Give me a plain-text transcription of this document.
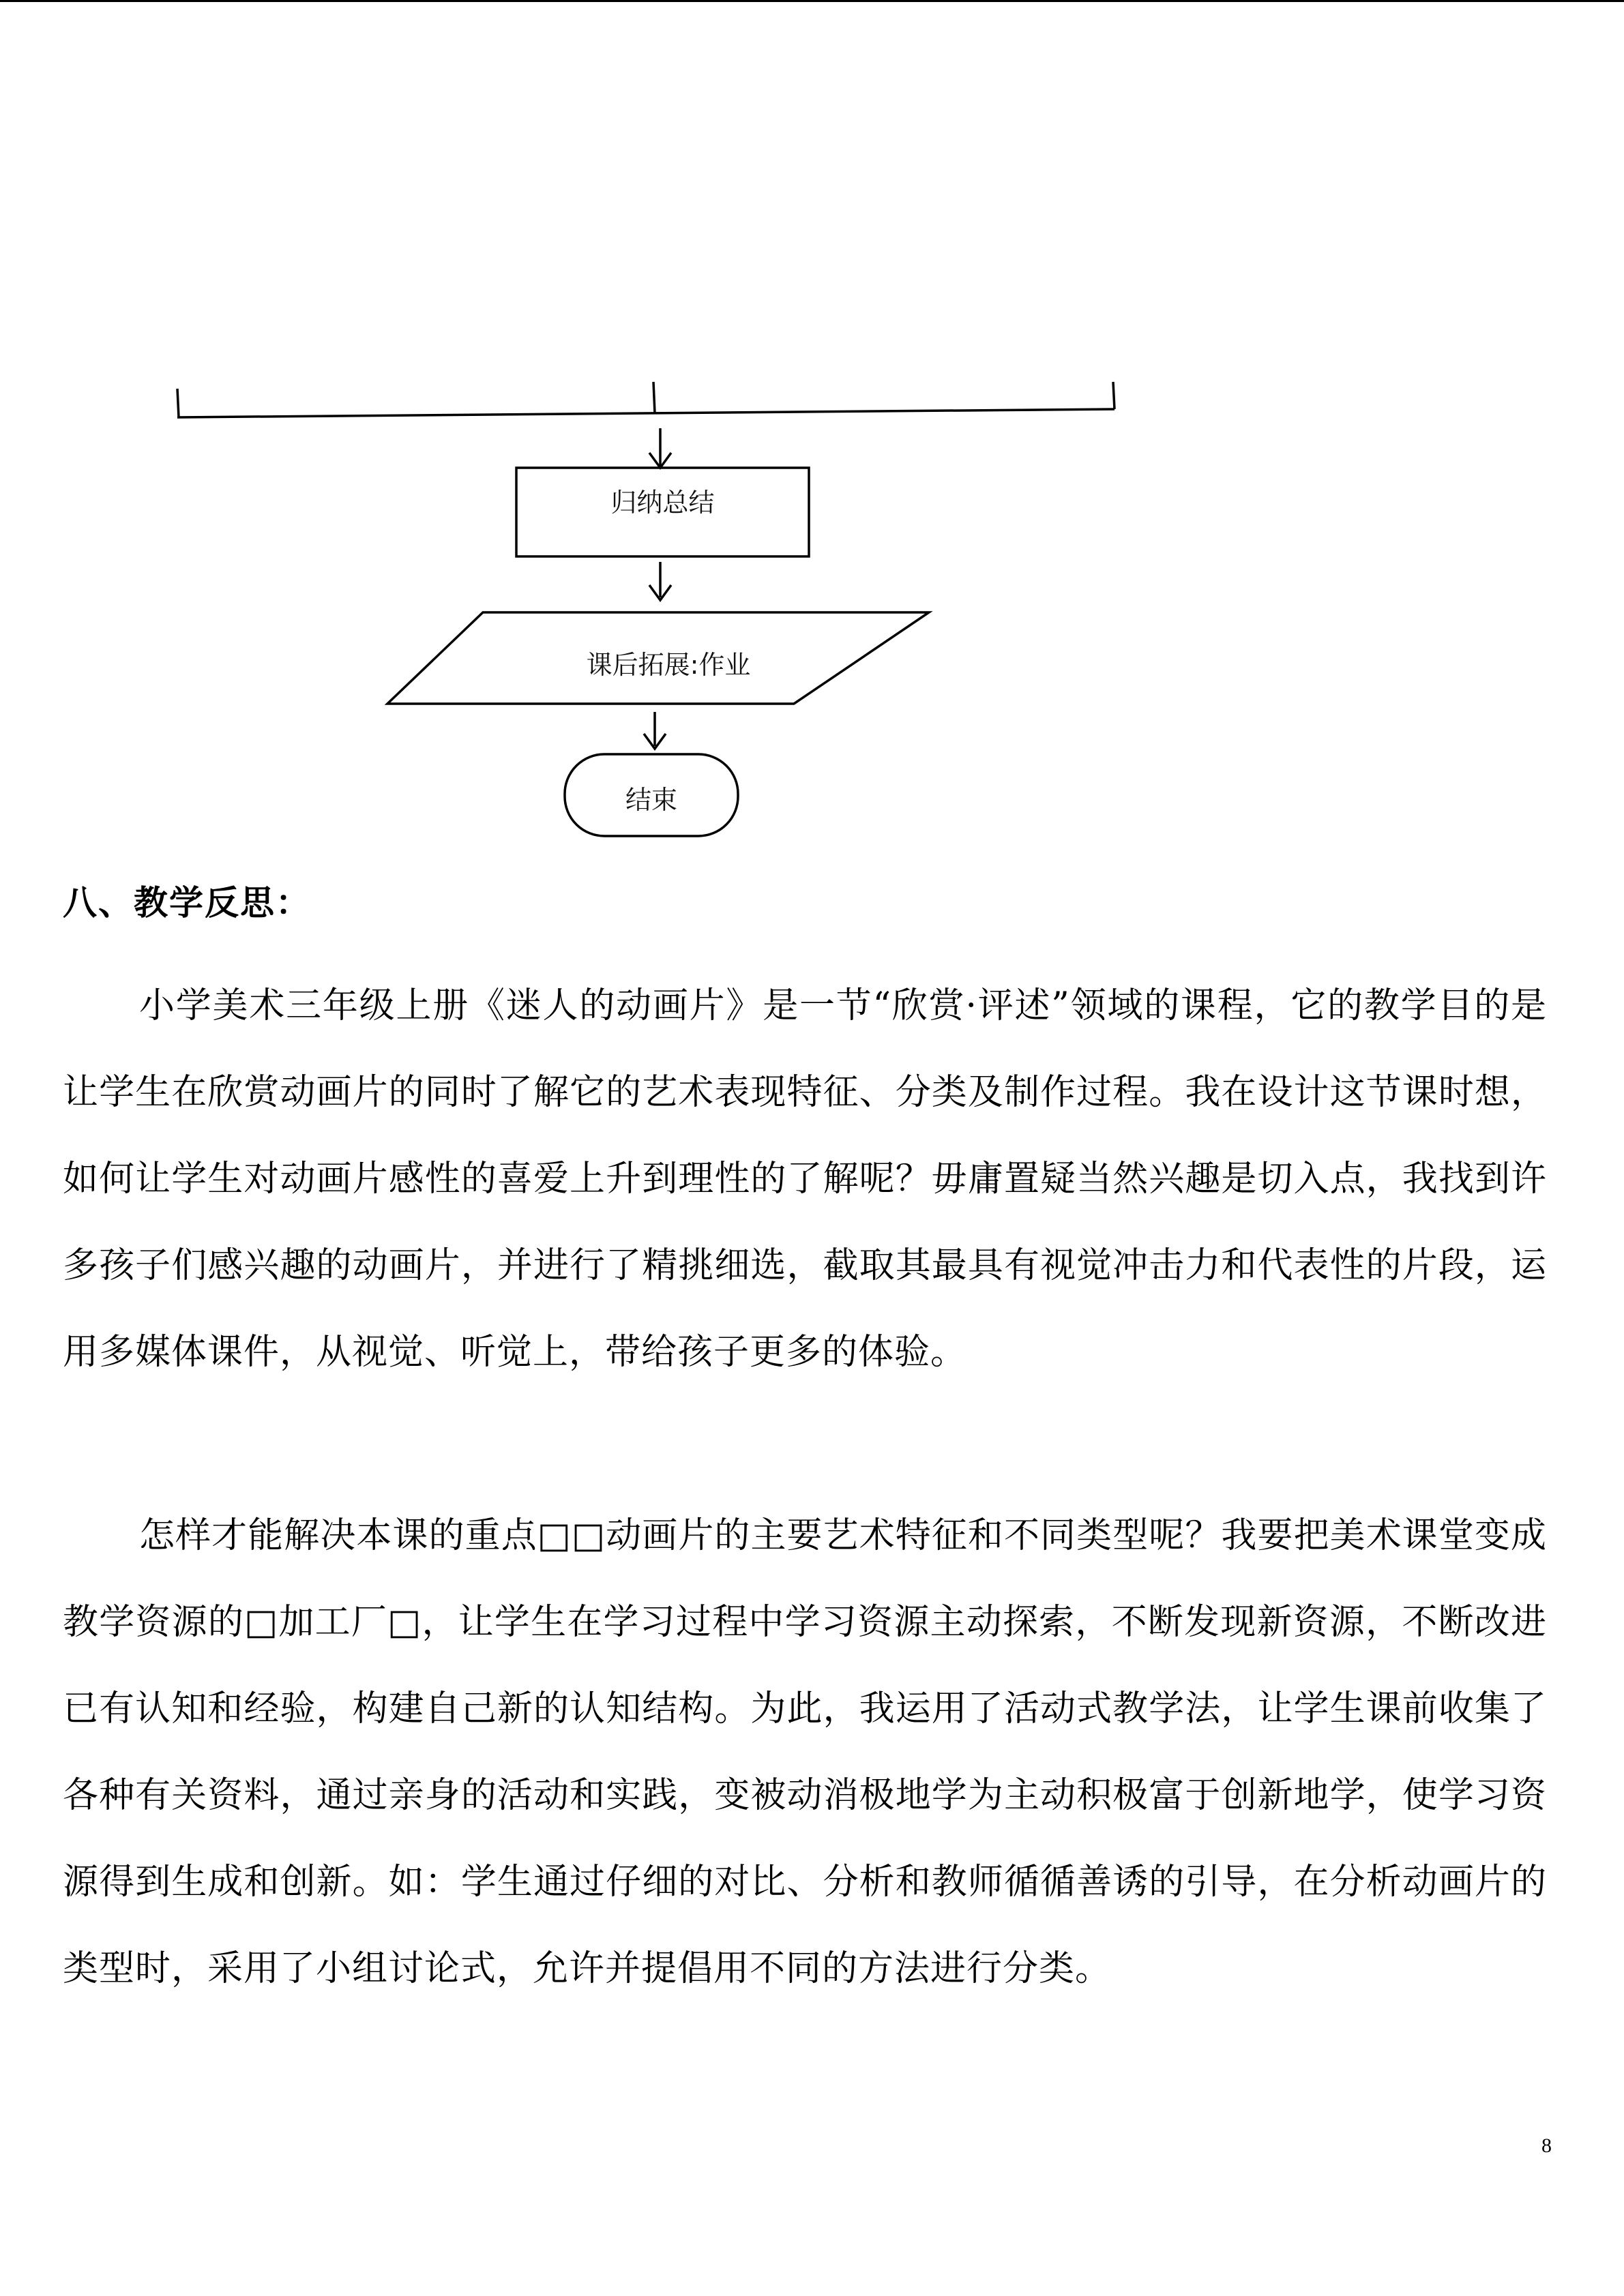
归纳总结
课后拓展:作业
结束
八、教学反思：

小学美术三年级上册《迷人的动画片》是一节“欣赏·评述”领域的课程，它的教学目的是让学生在欣赏动画片的同时了解它的艺术表现特征、分类及制作过程。我在设计这节课时想，如何让学生对动画片感性的喜爱上升到理性的了解呢？毋庸置疑当然兴趣是切入点，我找到许多孩子们感兴趣的动画片，并进行了精挑细选，截取其最具有视觉冲击力和代表性的片段，运用多媒体课件，从视觉、听觉上，带给孩子更多的体验。

怎样才能解决本课的重点□□动画片的主要艺术特征和不同类型呢？我要把美术课堂变成教学资源的□加工厂□，让学生在学习过程中学习资源主动探索，不断发现新资源，不断改进已有认知和经验，构建自己新的认知结构。为此，我运用了活动式教学法，让学生课前收集了各种有关资料，通过亲身的活动和实践，变被动消极地学为主动积极富于创新地学，使学习资源得到生成和创新。如：学生通过仔细的对比、分析和教师循循善诱的引导，在分析动画片的类型时，采用了小组讨论式，允许并提倡用不同的方法进行分类。

8
